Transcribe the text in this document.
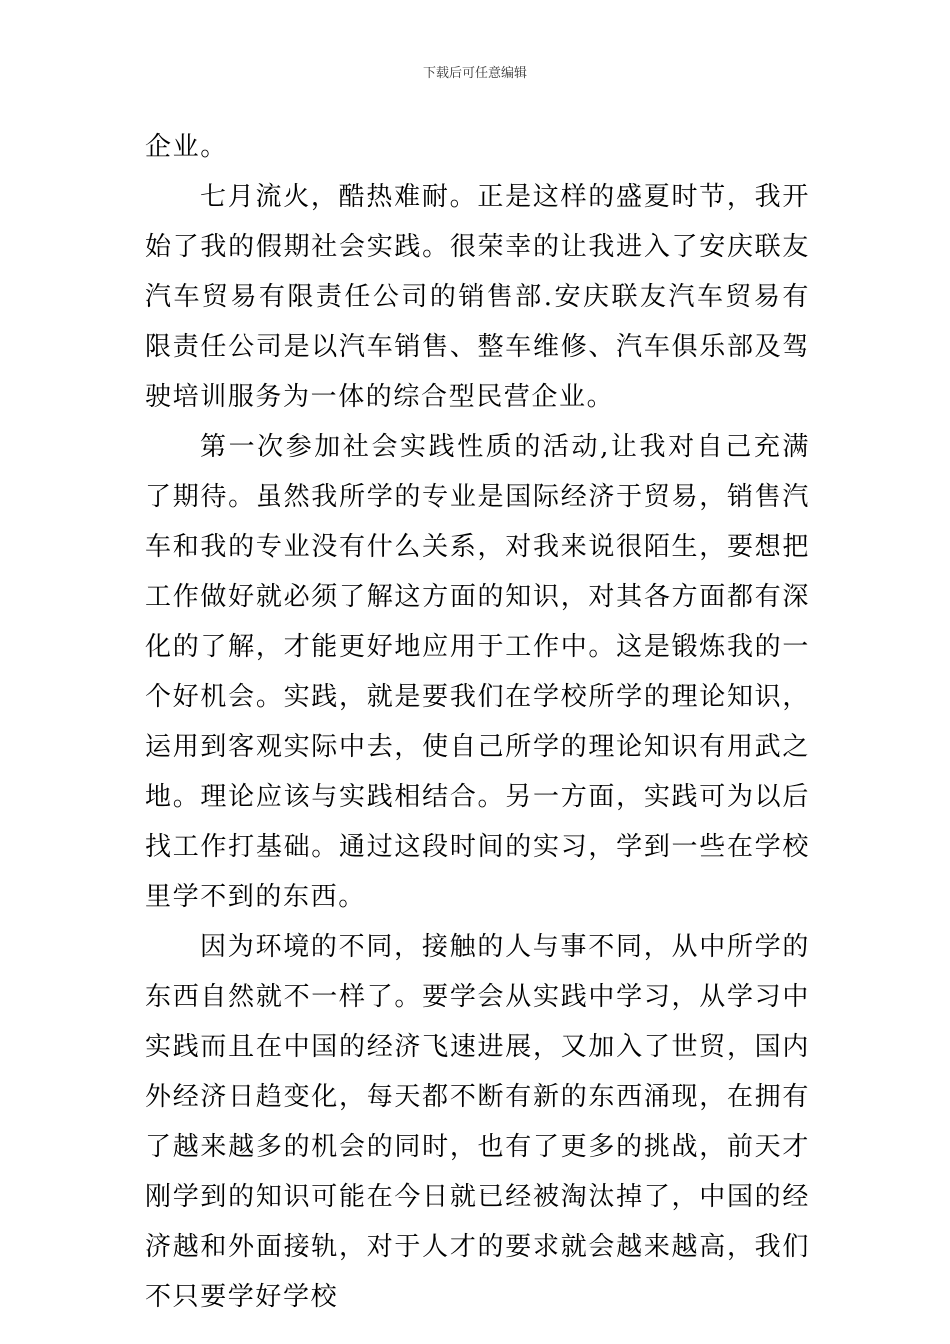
下载后可任意编辑

企业。

七月流火，酷热难耐。正是这样的盛夏时节，我开始了我的假期社会实践。很荣幸的让我进入了安庆联友汽车贸易有限责任公司的销售部.安庆联友汽车贸易有限责任公司是以汽车销售、整车维修、汽车俱乐部及驾驶培训服务为一体的综合型民营企业。

第一次参加社会实践性质的活动,让我对自己充满了期待。虽然我所学的专业是国际经济于贸易，销售汽车和我的专业没有什么关系，对我来说很陌生，要想把工作做好就必须了解这方面的知识，对其各方面都有深化的了解，才能更好地应用于工作中。这是锻炼我的一个好机会。实践，就是要我们在学校所学的理论知识，运用到客观实际中去，使自己所学的理论知识有用武之地。理论应该与实践相结合。另一方面，实践可为以后找工作打基础。通过这段时间的实习，学到一些在学校里学不到的东西。

因为环境的不同，接触的人与事不同，从中所学的东西自然就不一样了。要学会从实践中学习，从学习中实践而且在中国的经济飞速进展，又加入了世贸，国内外经济日趋变化，每天都不断有新的东西涌现，在拥有了越来越多的机会的同时，也有了更多的挑战，前天才刚学到的知识可能在今日就已经被淘汰掉了，中国的经济越和外面接轨，对于人才的要求就会越来越高，我们不只要学好学校
